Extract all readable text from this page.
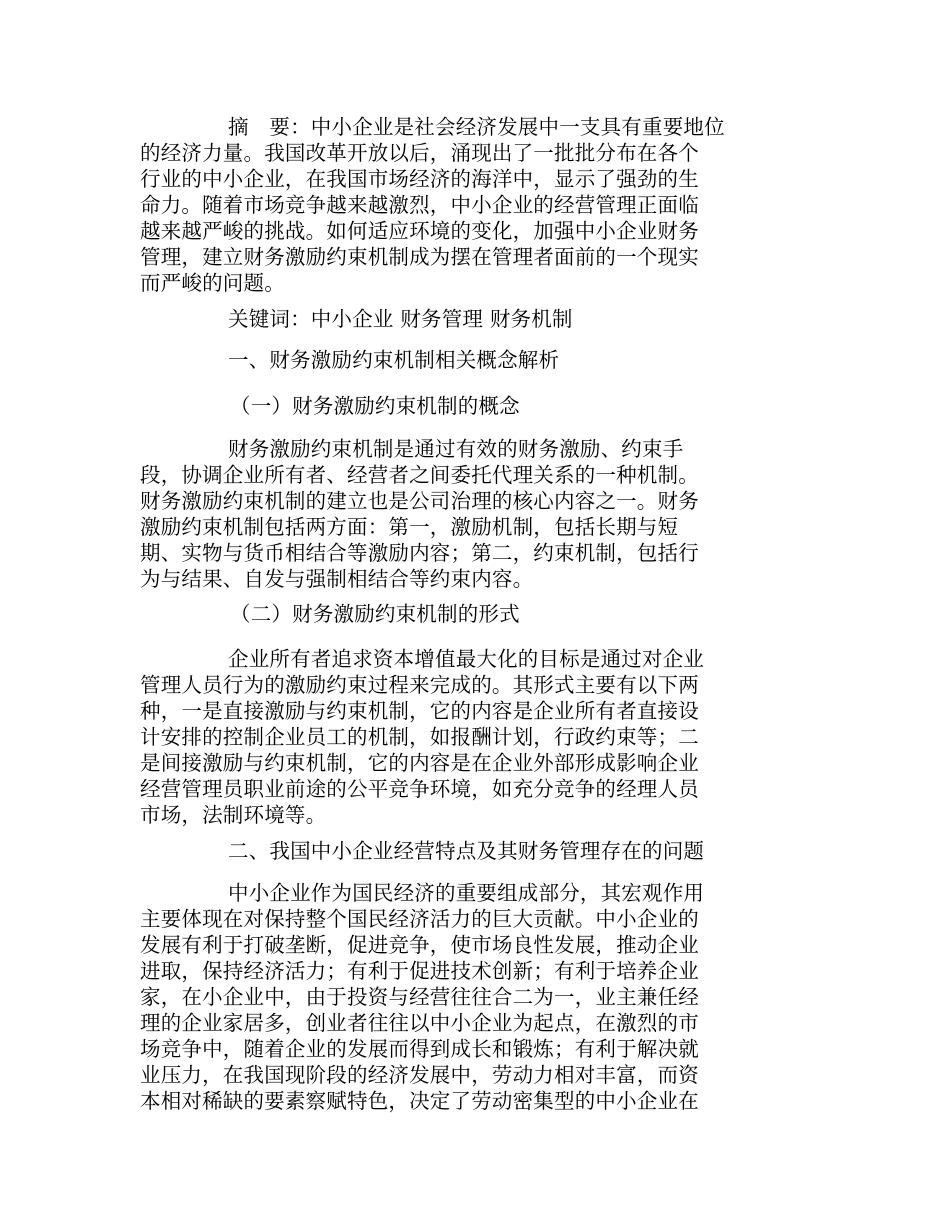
摘　要：中小企业是社会经济发展中一支具有重要地位
的经济力量。我国改革开放以后，涌现出了一批批分布在各个
行业的中小企业，在我国市场经济的海洋中，显示了强劲的生
命力。随着市场竞争越来越激烈，中小企业的经营管理正面临
越来越严峻的挑战。如何适应环境的变化，加强中小企业财务
管理，建立财务激励约束机制成为摆在管理者面前的一个现实
而严峻的问题。
关键词：中小企业 财务管理 财务机制
一、财务激励约束机制相关概念解析
（一）财务激励约束机制的概念
财务激励约束机制是通过有效的财务激励、约束手
段，协调企业所有者、经营者之间委托代理关系的一种机制。
财务激励约束机制的建立也是公司治理的核心内容之一。财务
激励约束机制包括两方面：第一，激励机制，包括长期与短
期、实物与货币相结合等激励内容；第二，约束机制，包括行
为与结果、自发与强制相结合等约束内容。
（二）财务激励约束机制的形式
企业所有者追求资本增值最大化的目标是通过对企业
管理人员行为的激励约束过程来完成的。其形式主要有以下两
种，一是直接激励与约束机制，它的内容是企业所有者直接设
计安排的控制企业员工的机制，如报酬计划，行政约束等；二
是间接激励与约束机制，它的内容是在企业外部形成影响企业
经营管理员职业前途的公平竞争环境，如充分竞争的经理人员
市场，法制环境等。
二、我国中小企业经营特点及其财务管理存在的问题
中小企业作为国民经济的重要组成部分，其宏观作用
主要体现在对保持整个国民经济活力的巨大贡献。中小企业的
发展有利于打破垄断，促进竞争，使市场良性发展，推动企业
进取，保持经济活力；有利于促进技术创新；有利于培养企业
家，在小企业中，由于投资与经营往往合二为一，业主兼任经
理的企业家居多，创业者往往以中小企业为起点，在激烈的市
场竞争中，随着企业的发展而得到成长和锻炼；有利于解决就
业压力，在我国现阶段的经济发展中，劳动力相对丰富，而资
本相对稀缺的要素察赋特色，决定了劳动密集型的中小企业在
